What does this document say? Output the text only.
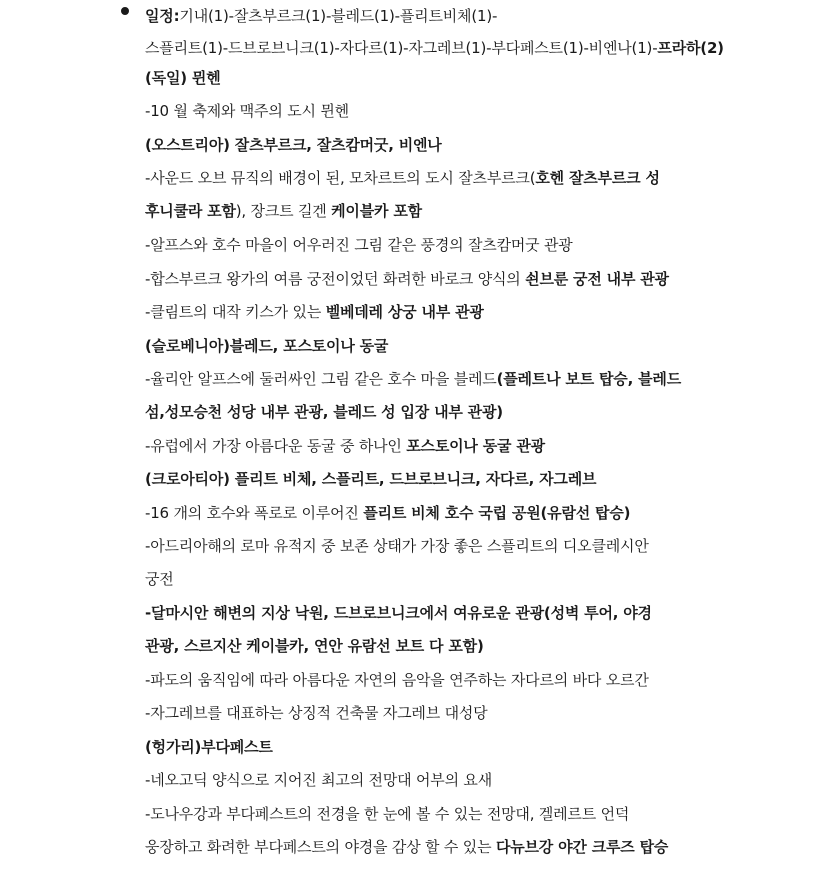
일정:기내(1)-잘츠부르크(1)-블레드(1)-플리트비체(1)-
스플리트(1)-드브로브니크(1)-자다르(1)-자그레브(1)-부다페스트(1)-비엔나(1)-프라하(2)
(독일) 뮌헨
-10 월 축제와 맥주의 도시 뮌헨
(오스트리아) 잘츠부르크, 잘츠캄머굿, 비엔나
-사운드 오브 뮤직의 배경이 된, 모차르트의 도시 잘츠부르크(호헨 잘츠부르크 성
후니쿨라 포함), 장크트 길겐 케이블카 포함
-알프스와 호수 마을이 어우러진 그림 같은 풍경의 잘츠캄머굿 관광
-합스부르크 왕가의 여름 궁전이었던 화려한 바로크 양식의 쇤브룬 궁전 내부 관광
-클림트의 대작 키스가 있는 벨베데레 상궁 내부 관광
(슬로베니아)블레드, 포스토이나 동굴
-율리안 알프스에 둘러싸인 그림 같은 호수 마을 블레드(플레트나 보트 탑승, 블레드
섬,성모승천 성당 내부 관광, 블레드 성 입장 내부 관광)
-유럽에서 가장 아름다운 동굴 중 하나인 포스토이나 동굴 관광
(크로아티아) 플리트 비체, 스플리트, 드브로브니크, 자다르, 자그레브
-16 개의 호수와 폭로로 이루어진 플리트 비체 호수 국립 공원(유람선 탑승)
-아드리아해의 로마 유적지 중 보존 상태가 가장 좋은 스플리트의 디오클레시안
궁전
-달마시안 해변의 지상 낙원, 드브로브니크에서 여유로운 관광(성벽 투어, 야경
관광, 스르지산 케이블카, 연안 유람선 보트 다 포함)
-파도의 움직임에 따라 아름다운 자연의 음악을 연주하는 자다르의 바다 오르간
-자그레브를 대표하는 상징적 건축물 자그레브 대성당
(헝가리)부다페스트
-네오고딕 양식으로 지어진 최고의 전망대 어부의 요새
-도나우강과 부다페스트의 전경을 한 눈에 볼 수 있는 전망대, 겔레르트 언덕
웅장하고 화려한 부다페스트의 야경을 감상 할 수 있는 다뉴브강 야간 크루즈 탑승
